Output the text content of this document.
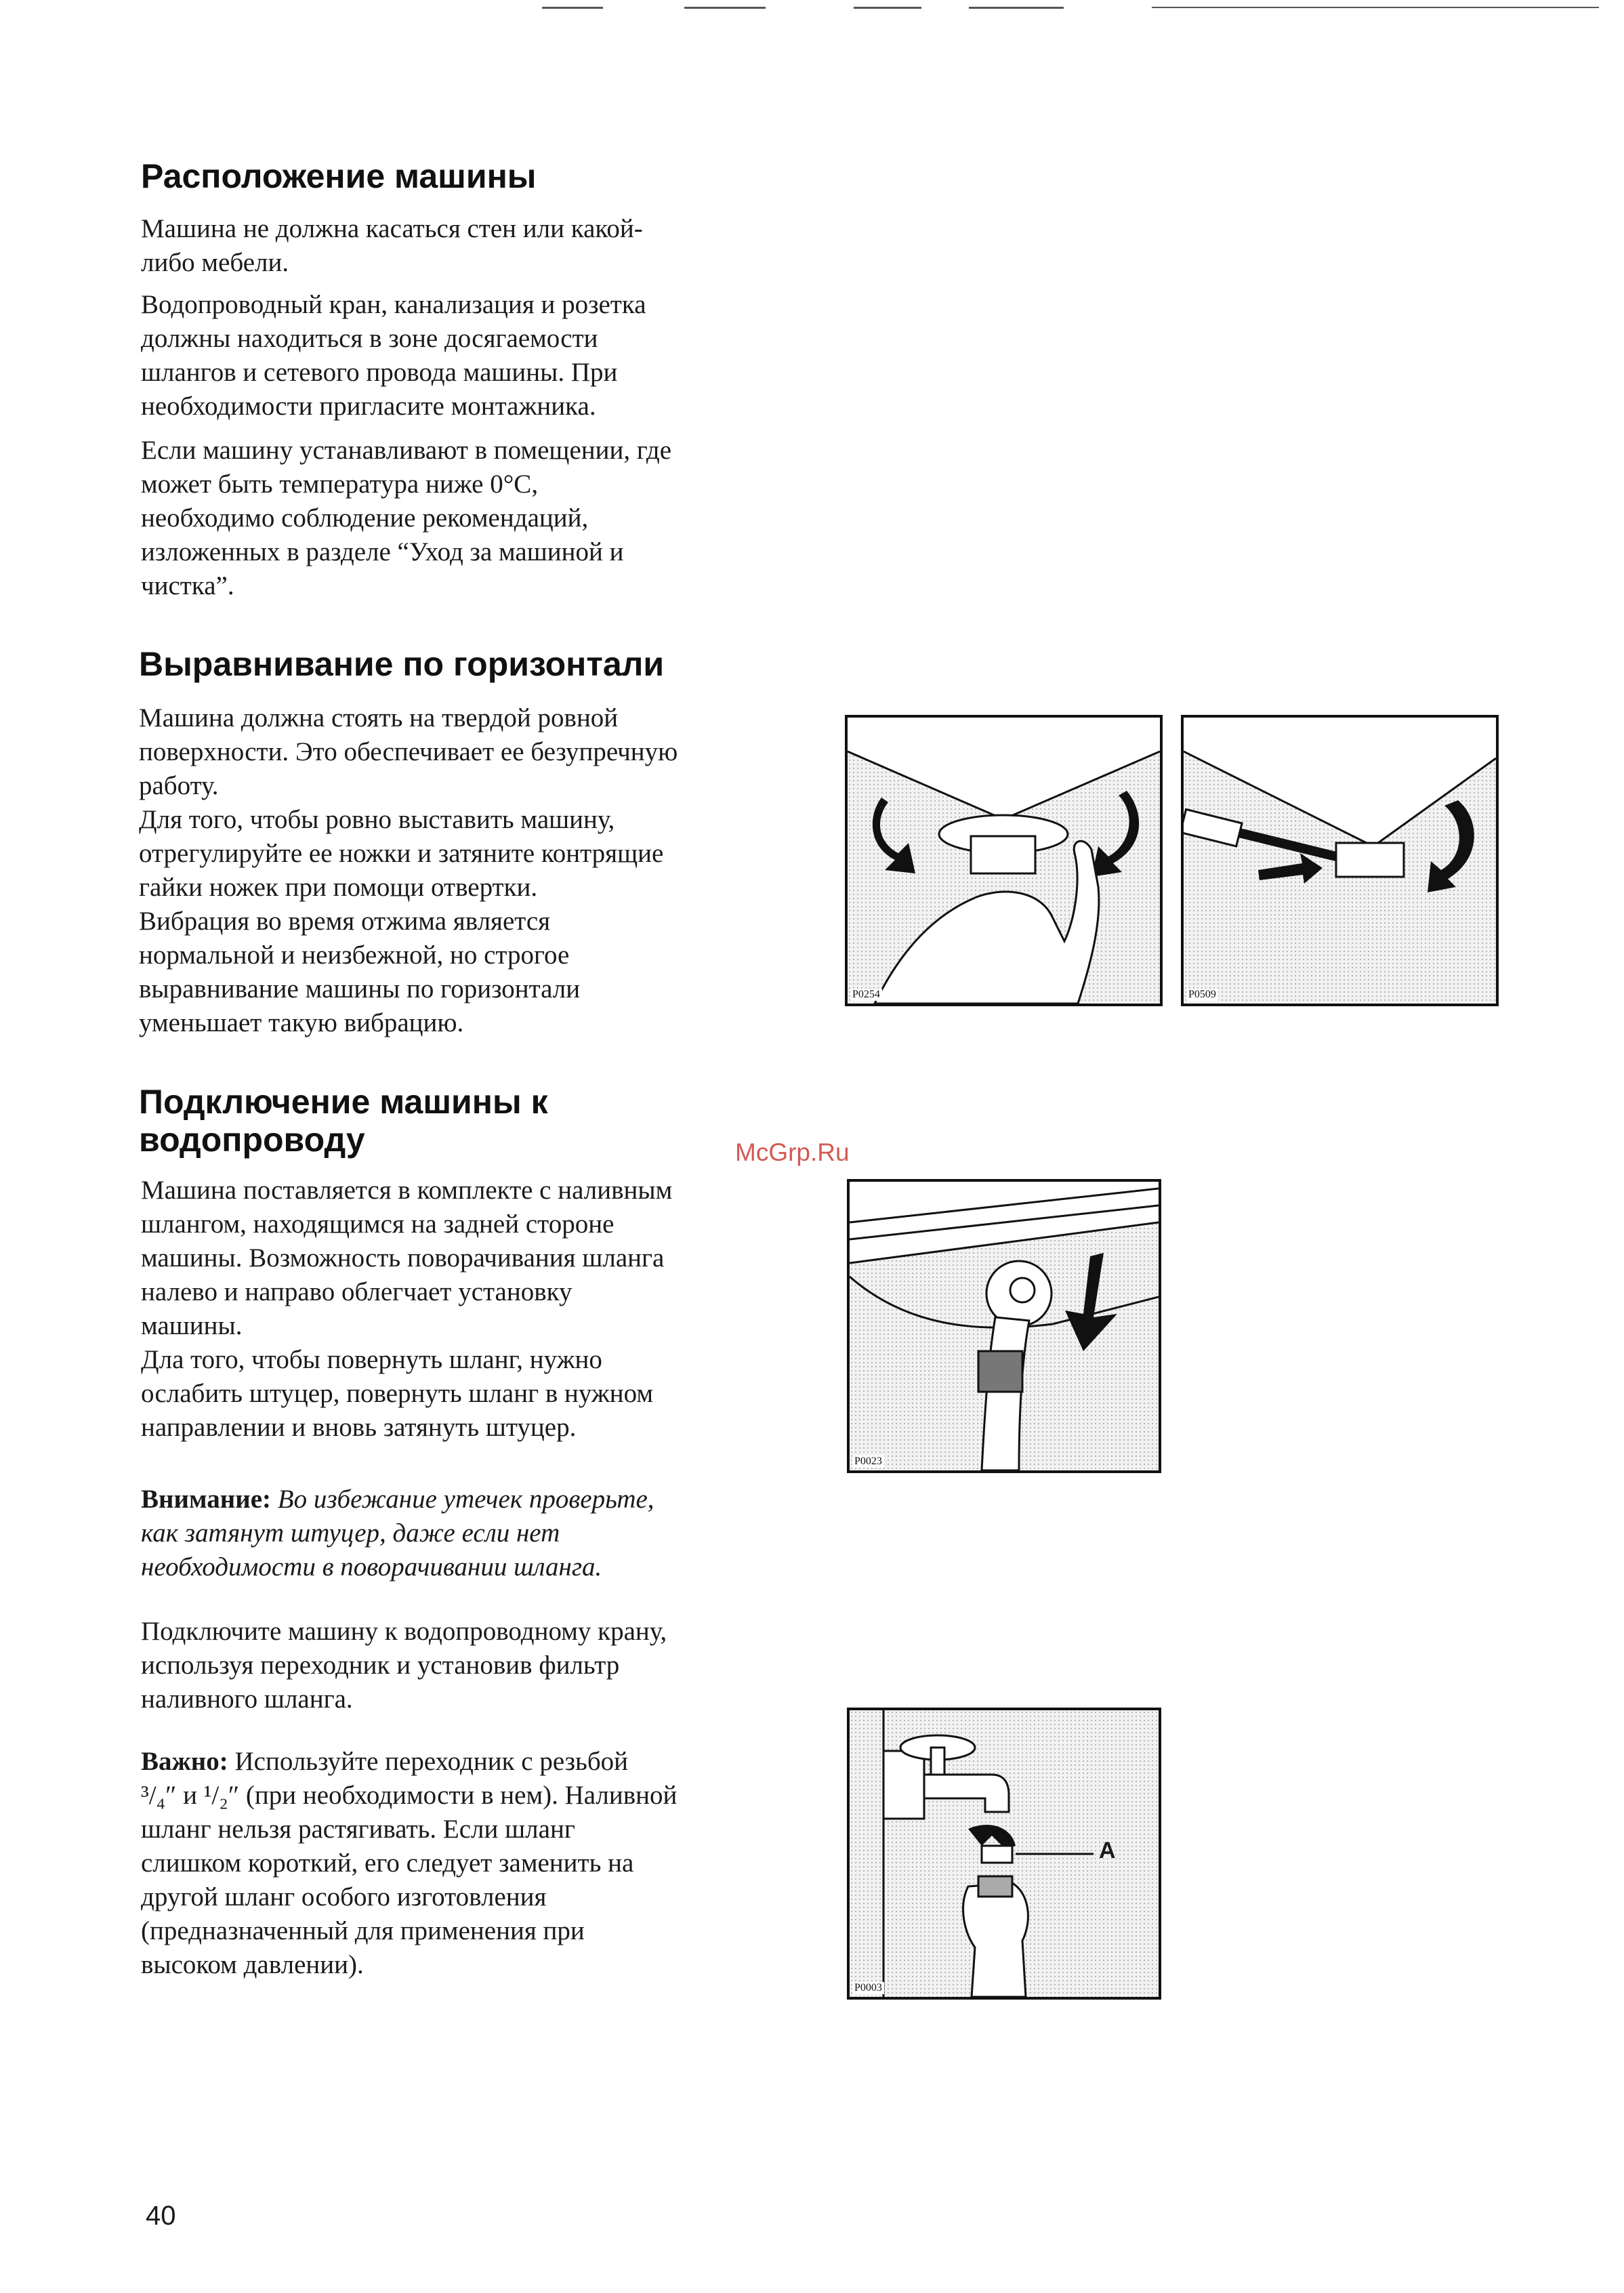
Расположение машины
Машина не должна касаться стен или какой-
либо мебели.
Водопроводный кран, канализация и розетка
должны находиться в зоне досягаемости
шлангов и сетевого провода машины. При
необходимости пригласите монтажника.
Если машину устанавливают в помещении, где
может быть температура ниже 0°C,
необходимо соблюдение рекомендаций,
изложенных в разделе “Уход за машиной и
чистка”.
Выравнивание по горизонтали
Машина должна стоять на твердой ровной
поверхности. Это обеспечивает ее безупречную
работу.
Для того, чтобы ровно выставить машину,
отрегулируйте ее ножки и затяните контрящие
гайки ножек при помощи отвертки.
Вибрация во время отжима является
нормальной и неизбежной, но строгое
выравнивание машины по горизонтали
уменьшает такую вибрацию.
P0254	P0509
Подключение машины к
водопроводу	McGrp.Ru
Машина поставляется в комплекте с наливным
шлангом, находящимся на задней стороне
машины. Возможность поворачивания шланга
налево и направо облегчает установку
машины.
Дла того, чтобы повернуть шланг, нужно
ослабить штуцер, повернуть шланг в нужном
направлении и вновь затянуть штуцер.
Внимание: Во избежание утечек проверьте,
как затянут штуцер, даже если нет
необходимости в поворачивании шланга.
Подключите машину к водопроводному крану,
используя переходник и установив фильтр
наливного шланга.
Важно: Используйте переходник с резьбой
³/₄″ и ¹/₂″ (при необходимости в нем). Наливной
шланг нельзя растягивать. Если шланг
слишком короткий, его следует заменить на
другой шланг особого изготовления
(предназначенный для применения при
высоком давлении).
P0023
A
P0003
40
